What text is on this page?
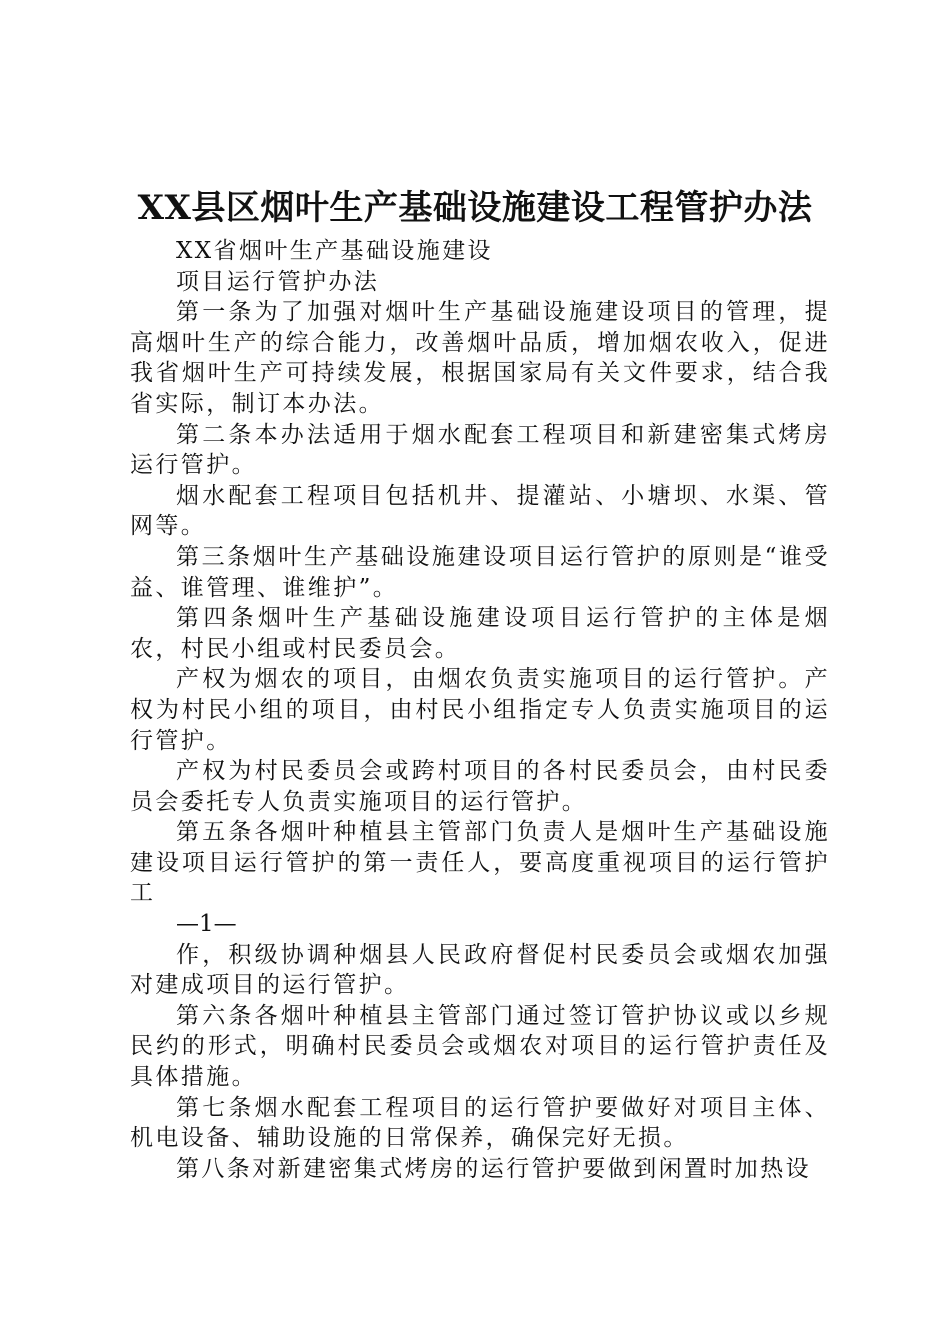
XX县区烟叶生产基础设施建设工程管护办法

XX省烟叶生产基础设施建设

项目运行管护办法

第一条为了加强对烟叶生产基础设施建设项目的管理，提高烟叶生产的综合能力，改善烟叶品质，增加烟农收入，促进我省烟叶生产可持续发展，根据国家局有关文件要求，结合我省实际，制订本办法。

第二条本办法适用于烟水配套工程项目和新建密集式烤房运行管护。

烟水配套工程项目包括机井、提灌站、小塘坝、水渠、管网等。

第三条烟叶生产基础设施建设项目运行管护的原则是“谁受益、谁管理、谁维护”。

第四条烟叶生产基础设施建设项目运行管护的主体是烟农，村民小组或村民委员会。

产权为烟农的项目，由烟农负责实施项目的运行管护。产权为村民小组的项目，由村民小组指定专人负责实施项目的运行管护。

产权为村民委员会或跨村项目的各村民委员会，由村民委员会委托专人负责实施项目的运行管护。

第五条各烟叶种植县主管部门负责人是烟叶生产基础设施建设项目运行管护的第一责任人，要高度重视项目的运行管护工

—1—

作，积级协调种烟县人民政府督促村民委员会或烟农加强对建成项目的运行管护。

第六条各烟叶种植县主管部门通过签订管护协议或以乡规民约的形式，明确村民委员会或烟农对项目的运行管护责任及具体措施。

第七条烟水配套工程项目的运行管护要做好对项目主体、机电设备、辅助设施的日常保养，确保完好无损。

第八条对新建密集式烤房的运行管护要做到闲置时加热设
